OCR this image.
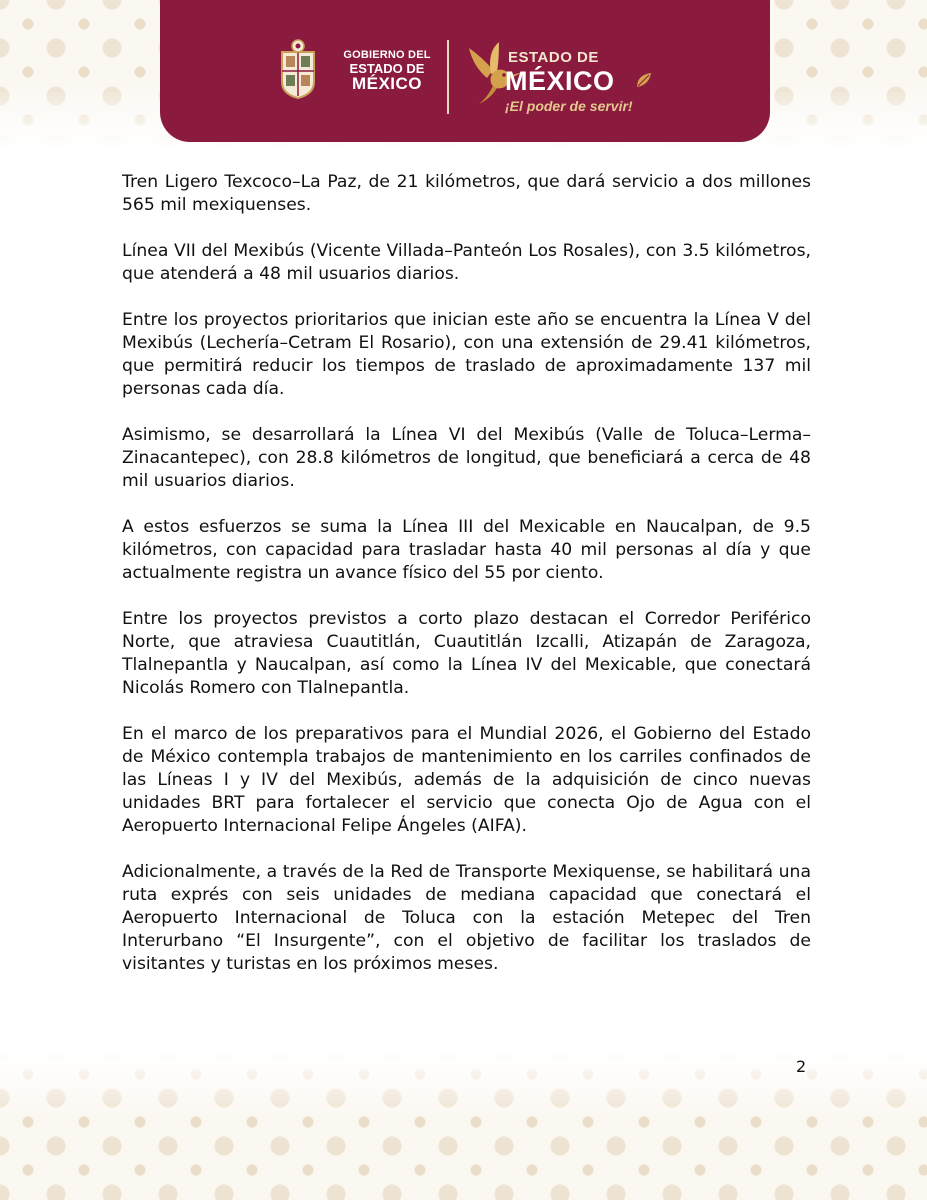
GOBIERNO DEL
ESTADO DE
MÉXICO
ESTADO DE
MÉXICO
¡El poder de servir!

Tren Ligero Texcoco–La Paz, de 21 kilómetros, que dará servicio a dos millones 565 mil mexiquenses.

Línea VII del Mexibús (Vicente Villada–Panteón Los Rosales), con 3.5 kilómetros, que atenderá a 48 mil usuarios diarios.

Entre los proyectos prioritarios que inician este año se encuentra la Línea V del Mexibús (Lechería–Cetram El Rosario), con una extensión de 29.41 kilómetros, que permitirá reducir los tiempos de traslado de aproximadamente 137 mil personas cada día.

Asimismo, se desarrollará la Línea VI del Mexibús (Valle de Toluca–Lerma–Zinacantepec), con 28.8 kilómetros de longitud, que beneficiará a cerca de 48 mil usuarios diarios.

A estos esfuerzos se suma la Línea III del Mexicable en Naucalpan, de 9.5 kilómetros, con capacidad para trasladar hasta 40 mil personas al día y que actualmente registra un avance físico del 55 por ciento.

Entre los proyectos previstos a corto plazo destacan el Corredor Periférico Norte, que atraviesa Cuautitlán, Cuautitlán Izcalli, Atizapán de Zaragoza, Tlalnepantla y Naucalpan, así como la Línea IV del Mexicable, que conectará Nicolás Romero con Tlalnepantla.

En el marco de los preparativos para el Mundial 2026, el Gobierno del Estado de México contempla trabajos de mantenimiento en los carriles confinados de las Líneas I y IV del Mexibús, además de la adquisición de cinco nuevas unidades BRT para fortalecer el servicio que conecta Ojo de Agua con el Aeropuerto Internacional Felipe Ángeles (AIFA).

Adicionalmente, a través de la Red de Transporte Mexiquense, se habilitará una ruta exprés con seis unidades de mediana capacidad que conectará el Aeropuerto Internacional de Toluca con la estación Metepec del Tren Interurbano “El Insurgente”, con el objetivo de facilitar los traslados de visitantes y turistas en los próximos meses.

2
